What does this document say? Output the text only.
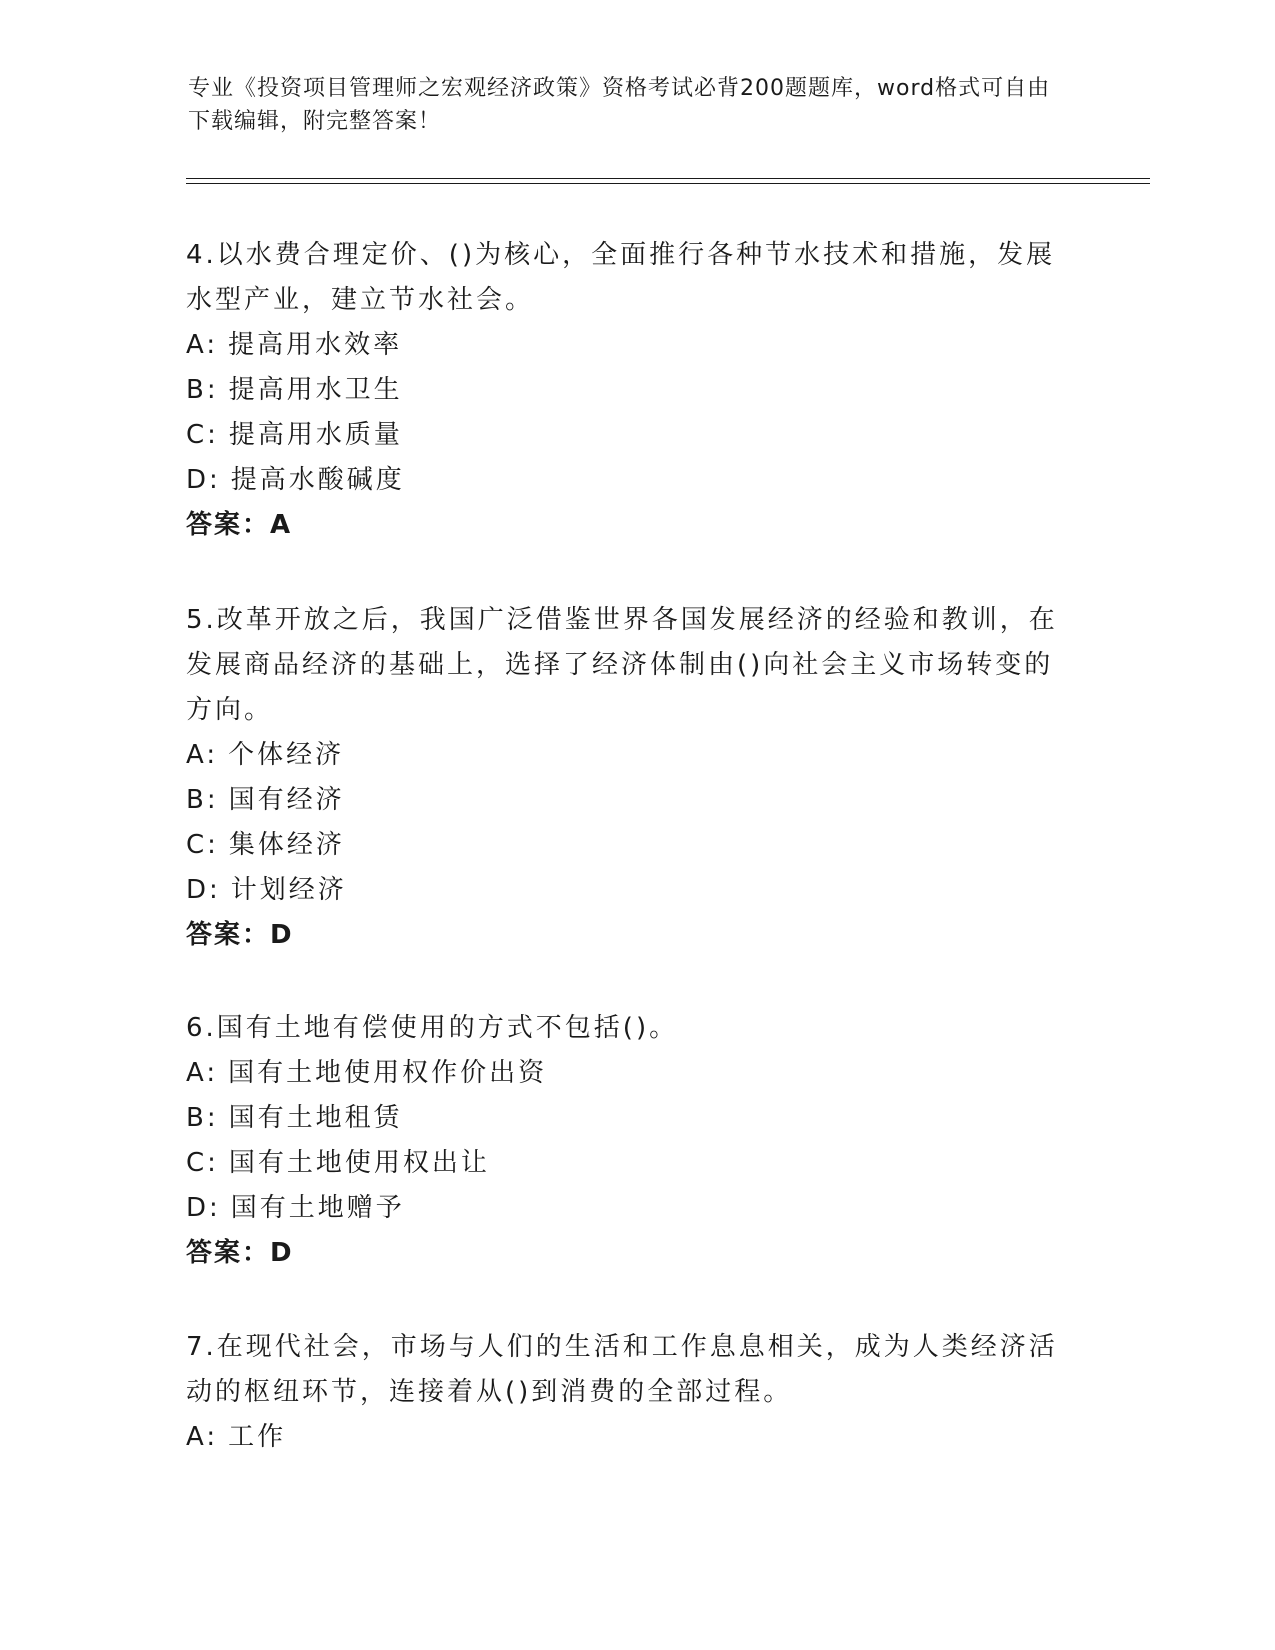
专业《投资项目管理师之宏观经济政策》资格考试必背200题题库，word格式可自由下载编辑，附完整答案！
4.以水费合理定价、()为核心，全面推行各种节水技术和措施，发展水型产业，建立节水社会。
A: 提高用水效率
B: 提高用水卫生
C: 提高用水质量
D: 提高水酸碱度
答案：A
5.改革开放之后，我国广泛借鉴世界各国发展经济的经验和教训，在发展商品经济的基础上，选择了经济体制由()向社会主义市场转变的方向。
A: 个体经济
B: 国有经济
C: 集体经济
D: 计划经济
答案：D
6.国有土地有偿使用的方式不包括()。
A: 国有土地使用权作价出资
B: 国有土地租赁
C: 国有土地使用权出让
D: 国有土地赠予
答案：D
7.在现代社会，市场与人们的生活和工作息息相关，成为人类经济活动的枢纽环节，连接着从()到消费的全部过程。
A: 工作
